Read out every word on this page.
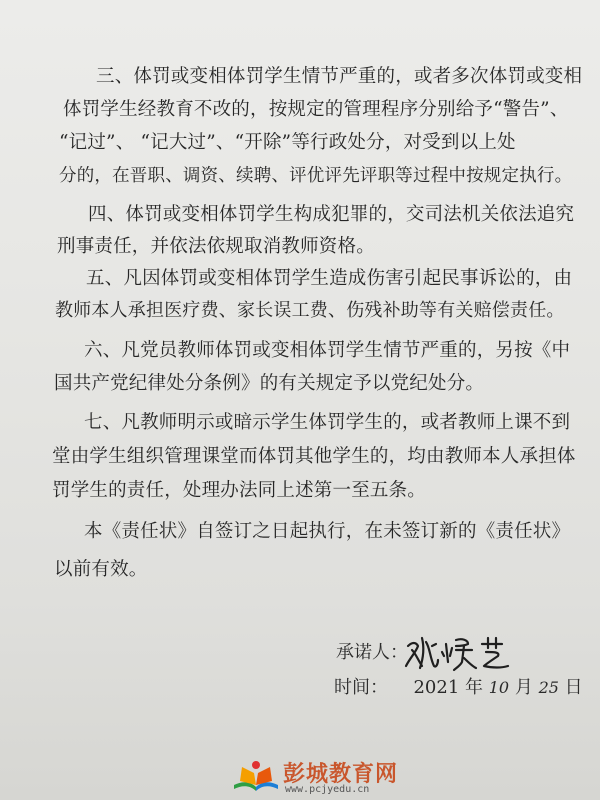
三、体罚或变相体罚学生情节严重的，或者多次体罚或变相
体罚学生经教育不改的，按规定的管理程序分别给予“警告”、
“记过”、 “记大过”、“开除”等行政处分，对受到以上处
分的，在晋职、调资、续聘、评优评先评职等过程中按规定执行。
四、体罚或变相体罚学生构成犯罪的，交司法机关依法追究
刑事责任，并依法依规取消教师资格。
五、凡因体罚或变相体罚学生造成伤害引起民事诉讼的，由
教师本人承担医疗费、家长误工费、伤残补助等有关赔偿责任。
六、凡党员教师体罚或变相体罚学生情节严重的，另按《中
国共产党纪律处分条例》的有关规定予以党纪处分。
七、凡教师明示或暗示学生体罚学生的，或者教师上课不到
堂由学生组织管理课堂而体罚其他学生的，均由教师本人承担体
罚学生的责任，处理办法同上述第一至五条。
本《责任状》自签订之日起执行，在未签订新的《责任状》
以前有效。
承诺人：
时间： 2021 年 10 月 25 日
彭城教育网
www.pcjyedu.cn
